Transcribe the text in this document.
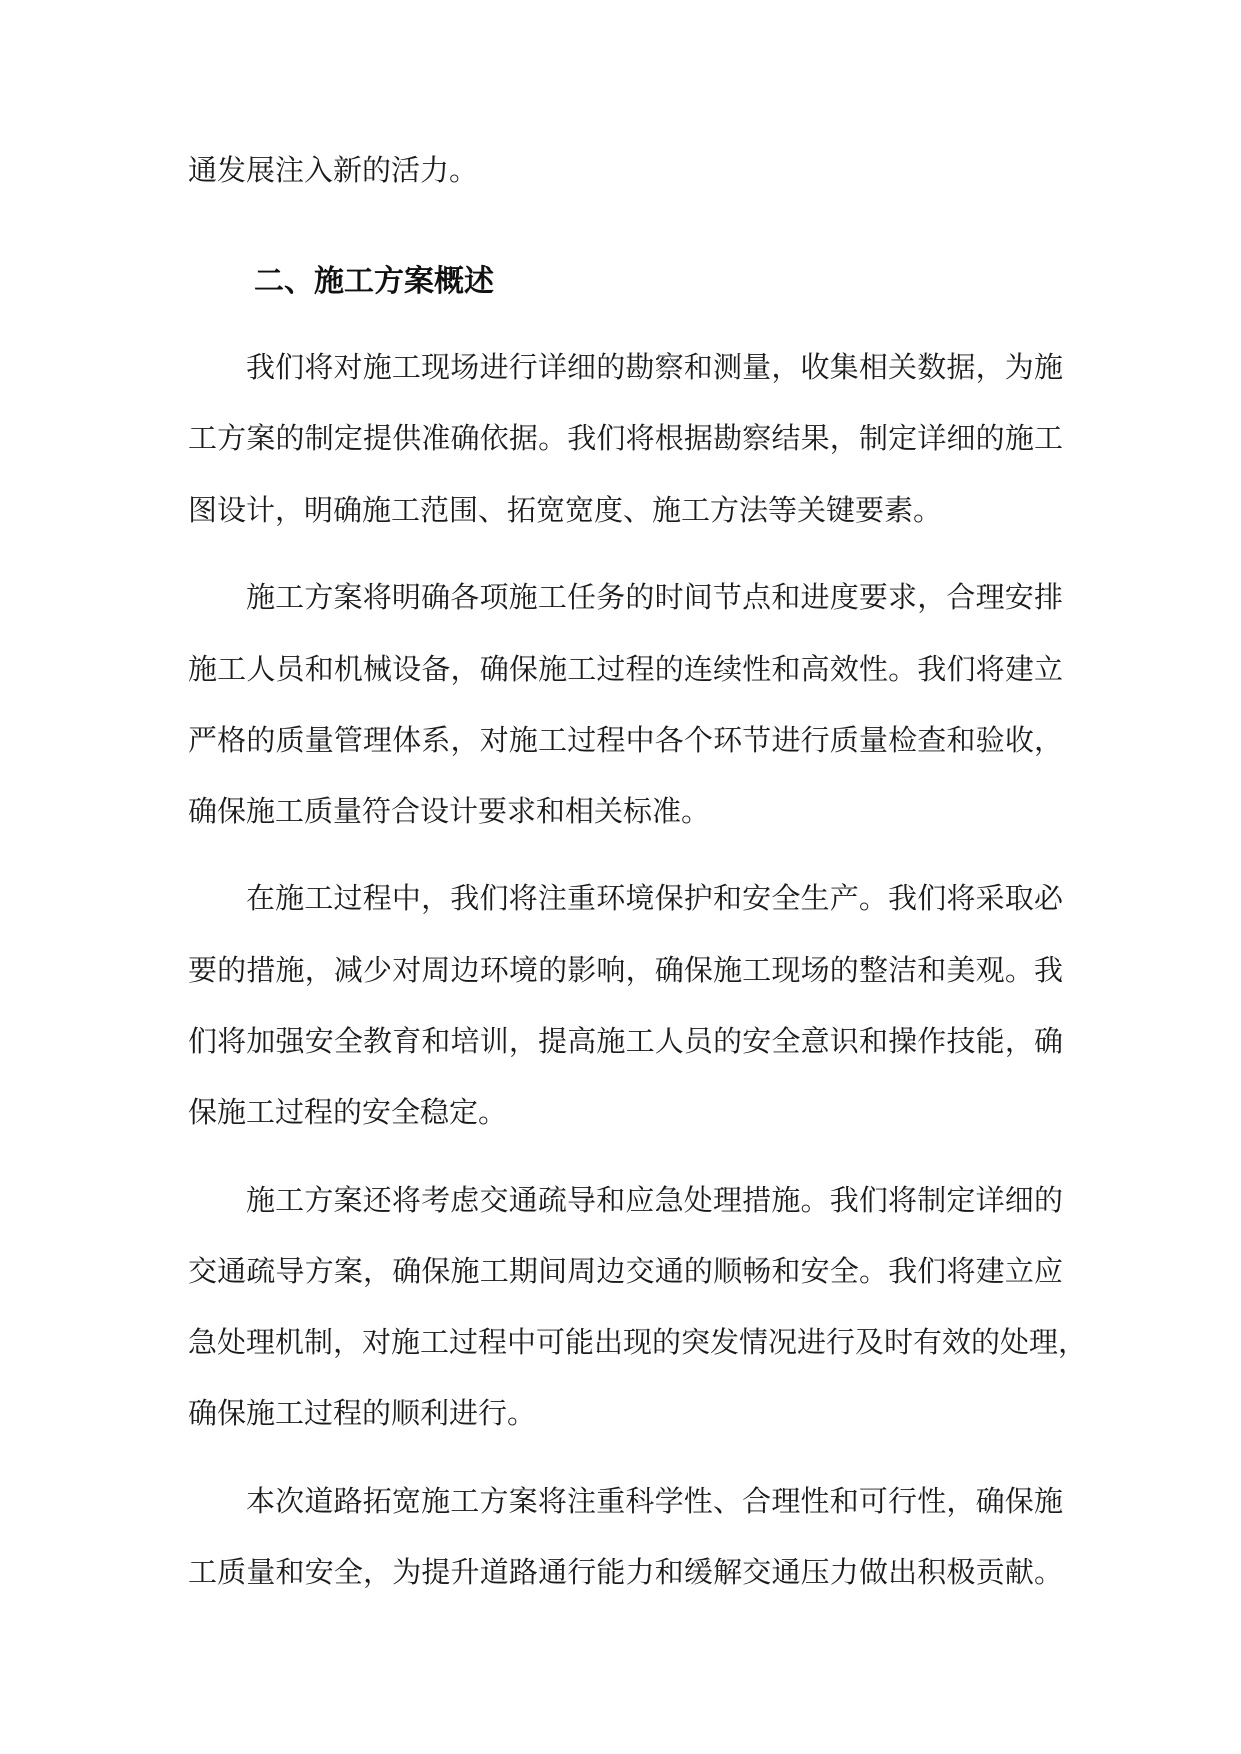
通发展注入新的活力。
二、施工方案概述
我们将对施工现场进行详细的勘察和测量，收集相关数据，为施
工方案的制定提供准确依据。我们将根据勘察结果，制定详细的施工
图设计，明确施工范围、拓宽宽度、施工方法等关键要素。
施工方案将明确各项施工任务的时间节点和进度要求，合理安排
施工人员和机械设备，确保施工过程的连续性和高效性。我们将建立
严格的质量管理体系，对施工过程中各个环节进行质量检查和验收，
确保施工质量符合设计要求和相关标准。
在施工过程中，我们将注重环境保护和安全生产。我们将采取必
要的措施，减少对周边环境的影响，确保施工现场的整洁和美观。我
们将加强安全教育和培训，提高施工人员的安全意识和操作技能，确
保施工过程的安全稳定。
施工方案还将考虑交通疏导和应急处理措施。我们将制定详细的
交通疏导方案，确保施工期间周边交通的顺畅和安全。我们将建立应
急处理机制，对施工过程中可能出现的突发情况进行及时有效的处理，
确保施工过程的顺利进行。
本次道路拓宽施工方案将注重科学性、合理性和可行性，确保施
工质量和安全，为提升道路通行能力和缓解交通压力做出积极贡献。
